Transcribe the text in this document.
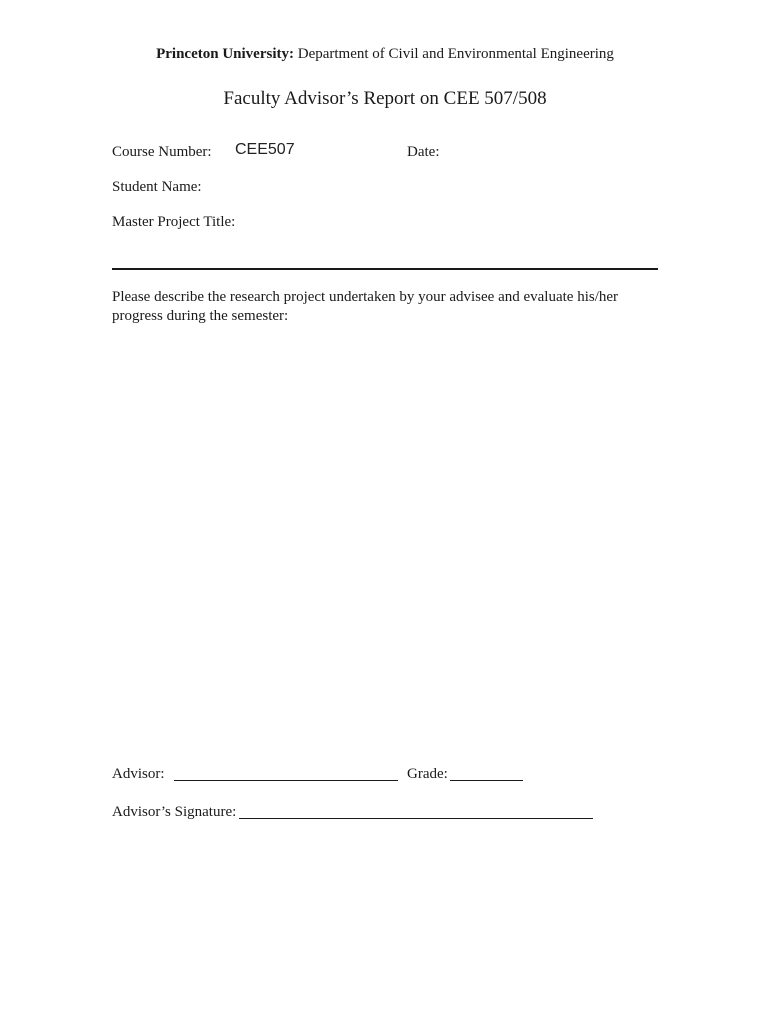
Princeton University: Department of Civil and Environmental Engineering
Faculty Advisor’s Report on CEE 507/508
Course Number: CEE507	Date:
Student Name:
Master Project Title:
Please describe the research project undertaken by your advisee and evaluate his/her progress during the semester:
Advisor:	Grade:
Advisor’s Signature:
